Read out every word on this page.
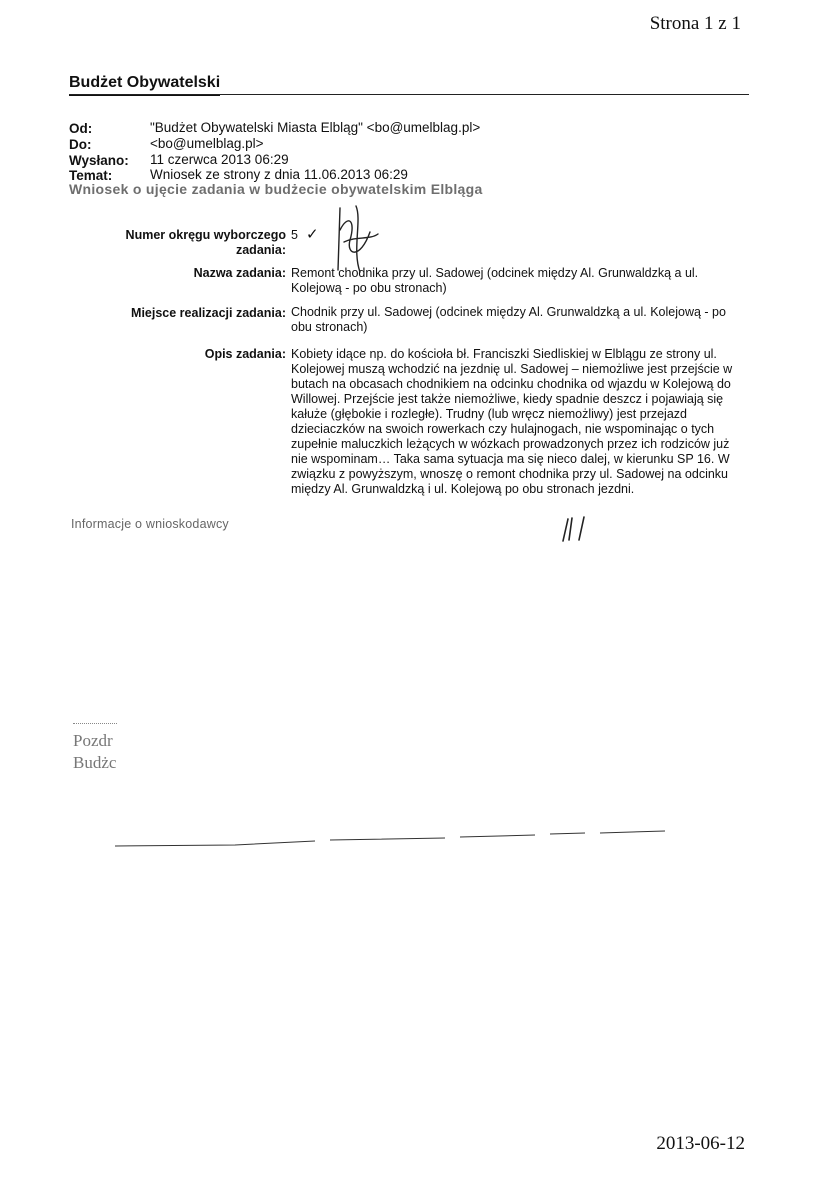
Strona 1 z 1
Budżet Obywatelski
Od:	"Budżet Obywatelski Miasta Elbląg" <bo@umelblag.pl>
Do:	<bo@umelblag.pl>
Wysłano: 11 czerwca 2013 06:29
Temat:	Wniosek ze strony z dnia 11.06.2013 06:29
Wniosek o ujęcie zadania w budżecie obywatelskim Elbląga
Numer okręgu wyborczego
zadania:
5 ✓
Nazwa zadania: Remont chodnika przy ul. Sadowej (odcinek między Al. Grunwaldzką a ul. Kolejową - po obu stronach)
Miejsce realizacji zadania: Chodnik przy ul. Sadowej (odcinek między Al. Grunwaldzką a ul. Kolejową - po obu stronach)
Opis zadania: Kobiety idące np. do kościoła bł. Franciszki Siedliskiej w Elblągu ze strony ul. Kolejowej muszą wchodzić na jezdnię ul. Sadowej – niemożliwe jest przejście w butach na obcasach chodnikiem na odcinku chodnika od wjazdu w Kolejową do Willowej. Przejście jest także niemożliwe, kiedy spadnie deszcz i pojawiają się kałuże (głębokie i rozległe). Trudny (lub wręcz niemożliwy) jest przejazd dzieciaczków na swoich rowerkach czy hulajnogach, nie wspominając o tych zupełnie maluczkich leżących w wózkach prowadzonych przez ich rodziców już nie wspominam… Taka sama sytuacja ma się nieco dalej, w kierunku SP 16. W związku z powyższym, wnoszę o remont chodnika przy ul. Sadowej na odcinku między Al. Grunwaldzką i ul. Kolejową po obu stronach jezdni.
Informacje o wnioskodawcy
Pozdr
Budżc
2013-06-12
